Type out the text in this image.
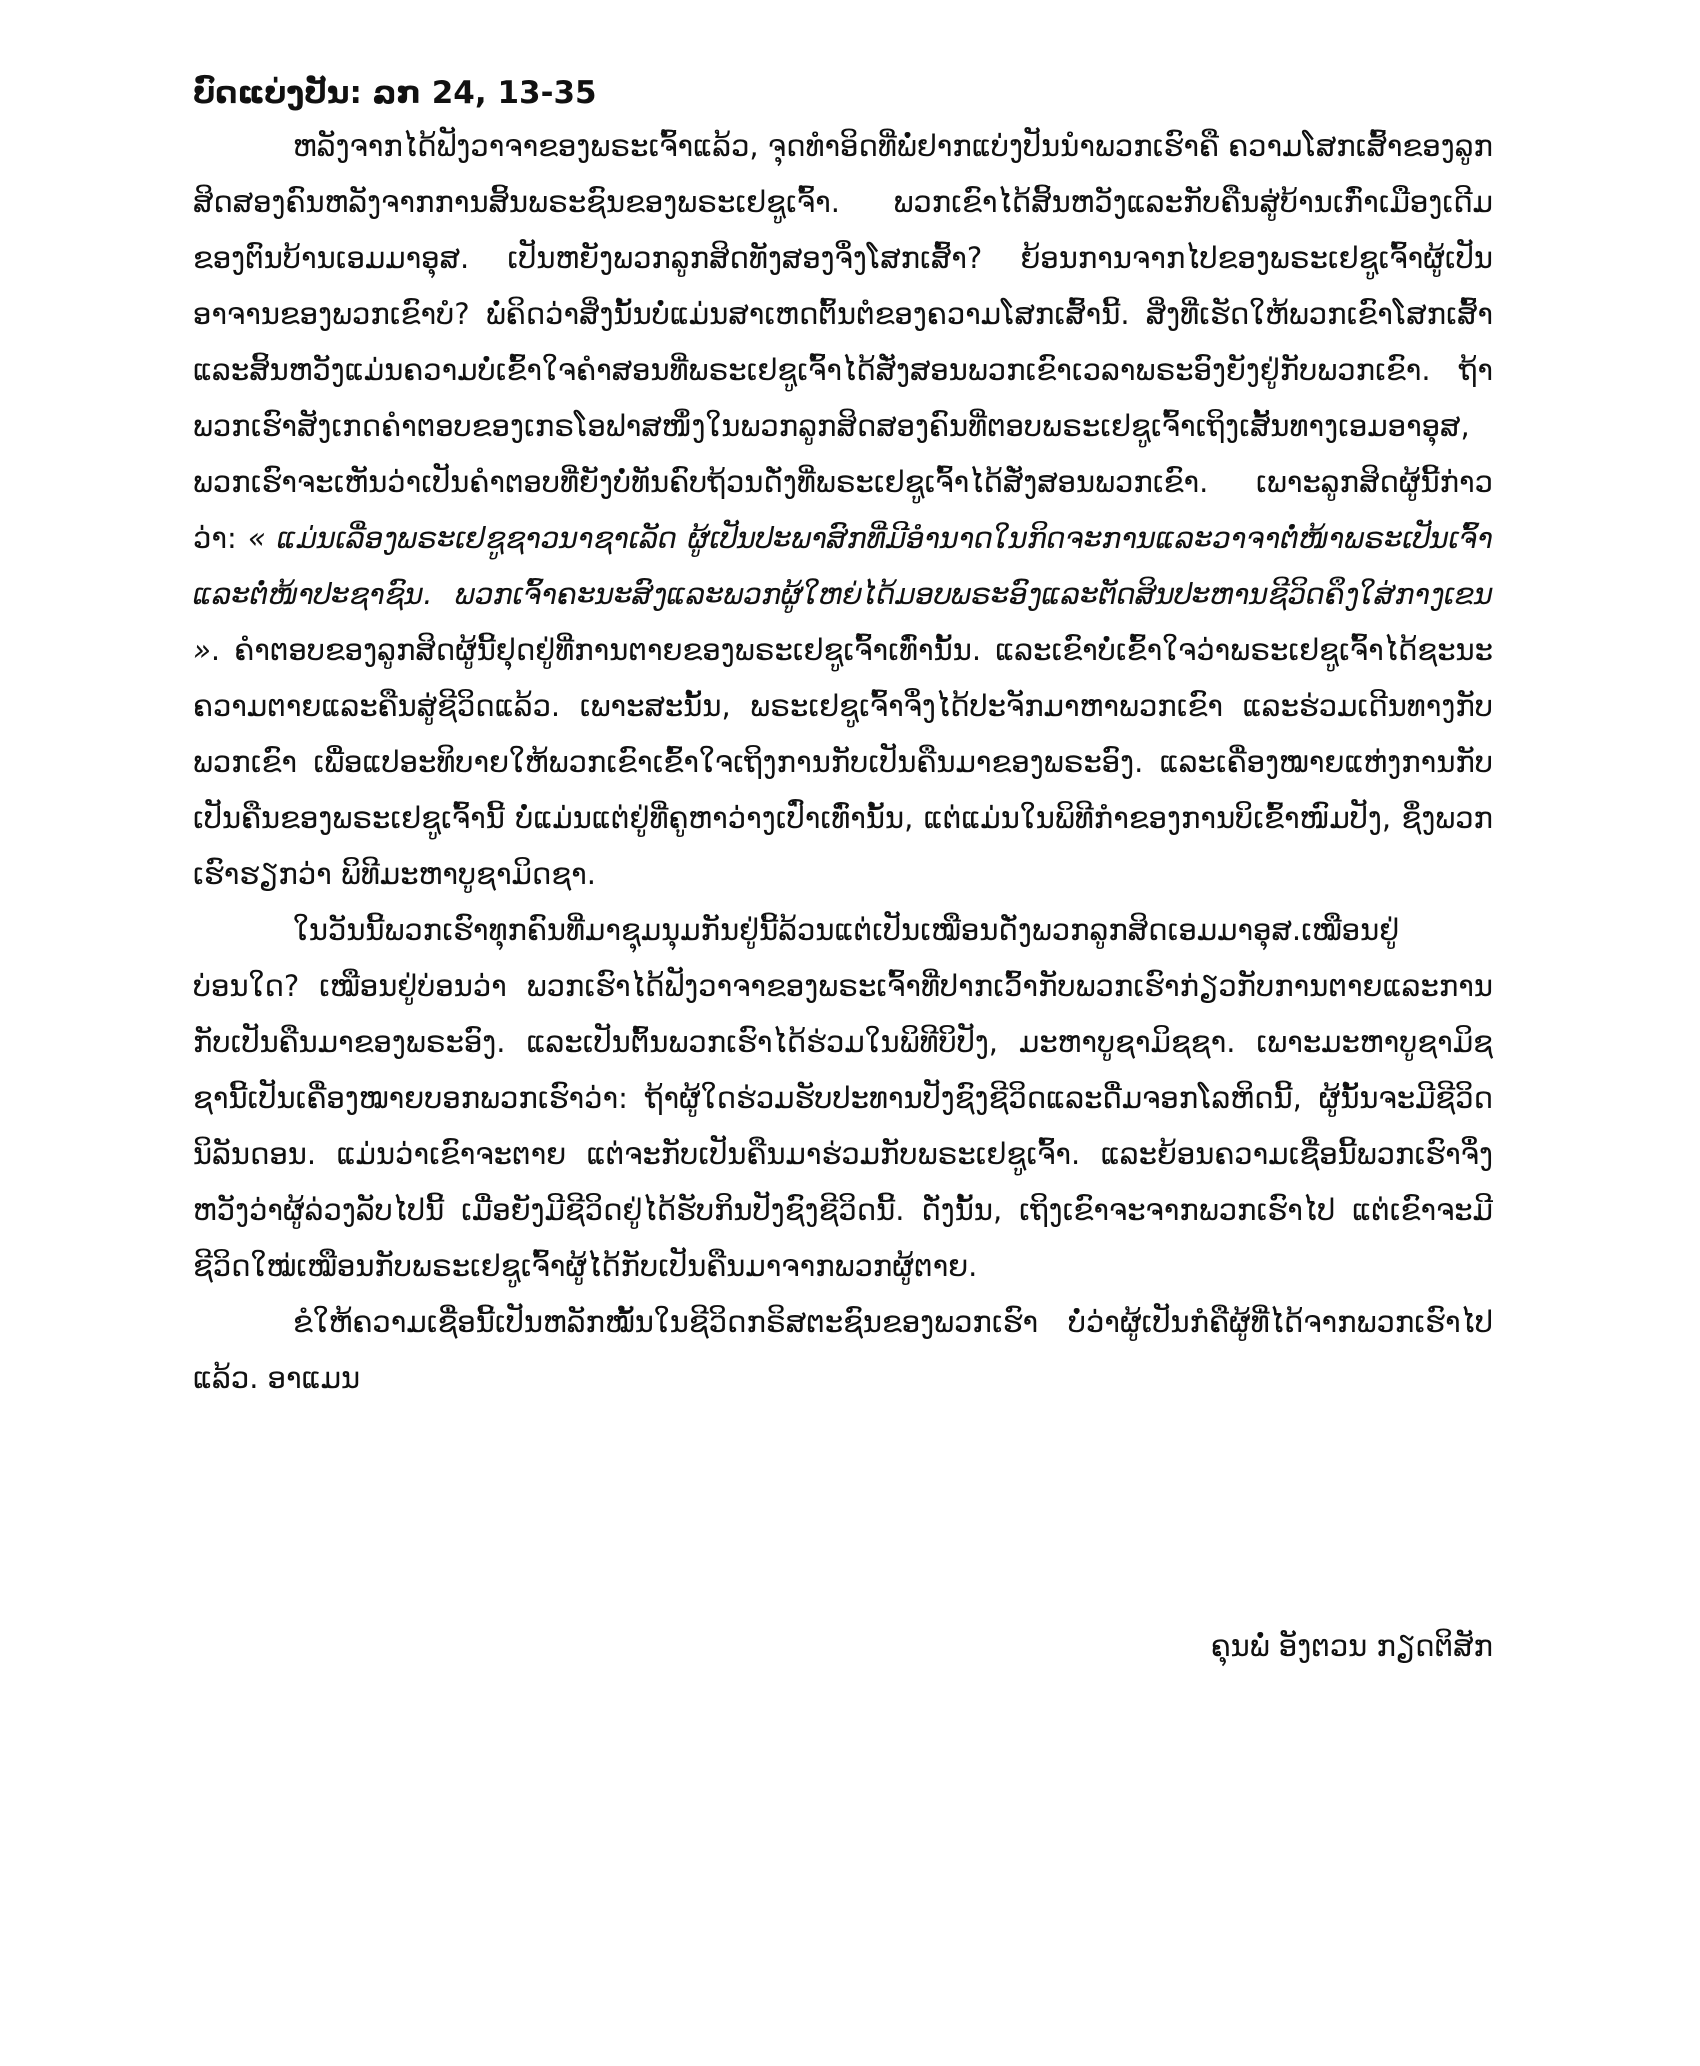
ບົດແບ່ງປັນ: ລກ 24, 13-35

ຫລັງຈາກໄດ້ຟັງວາຈາຂອງພຣະເຈົ້າແລ້ວ, ຈຸດທໍາອິດທີ່ພໍ່ຢາກແບ່ງປັນນໍາພວກເຮົາຄື ຄວາມໂສກເສົ້າຂອງລູກສິດສອງຄົນຫລັງຈາກການສິ້ນພຣະຊົນຂອງພຣະເຢຊູເຈົ້າ. ພວກເຂົາໄດ້ສິ້ນຫວັງແລະກັບຄືນສູ່ບ້ານເກົ່າເມືອງເດີມຂອງຕົນບ້ານເອມມາອຸສ. ເປັນຫຍັງພວກລູກສິດທັງສອງຈຶ່ງໂສກເສົ້າ? ຍ້ອນການຈາກໄປຂອງພຣະເຢຊູເຈົ້າຜູ້ເປັນອາຈານຂອງພວກເຂົາບໍ? ພໍ່ຄິດວ່າສິ່ງນັ້ນບໍ່ແມ່ນສາເຫດຕົ້ນຕໍຂອງຄວາມໂສກເສົ້ານີ້. ສິ່ງທີ່ເຮັດໃຫ້ພວກເຂົາໂສກເສົ້າແລະສິ້ນຫວັງແມ່ນຄວາມບໍ່ເຂົ້າໃຈຄໍາສອນທີ່ພຣະເຢຊູເຈົ້າໄດ້ສັ່ງສອນພວກເຂົາເວລາພຣະອົງຍັງຢູ່ກັບພວກເຂົາ. ຖ້າພວກເຮົາສັງເກດຄໍາຕອບຂອງເກຣໂອຟາສໜຶ່ງໃນພວກລູກສິດສອງຄົນທີ່ຕອບພຣະເຢຊູເຈົ້າເຖິງເສັ້ນທາງເອມອາອຸສ, ພວກເຮົາຈະເຫັນວ່າເປັນຄໍາຕອບທີ່ຍັງບໍ່ທັນຄົບຖ້ວນດັ່ງທີ່ພຣະເຢຊູເຈົ້າໄດ້ສັ່ງສອນພວກເຂົາ. ເພາະລູກສິດຜູ້ນີ້ກ່າວວ່າ: « ແມ່ນເລື່ອງພຣະເຢຊູຊາວນາຊາເລັດ ຜູ້ເປັນປະພາສົກທີ່ມີອໍານາດໃນກິດຈະການແລະວາຈາຕໍ່ໜ້າພຣະເປັນເຈົ້າແລະຕໍ່ໜ້າປະຊາຊົນ. ພວກເຈົ້າຄະນະສົງແລະພວກຜູ້ໃຫຍ່ໄດ້ມອບພຣະອົງແລະຕັດສິນປະຫານຊີວິດຄຶງໃສ່ກາງເຂນ ». ຄໍາຕອບຂອງລູກສິດຜູ້ນີ້ຢຸດຢູ່ທີ່ການຕາຍຂອງພຣະເຢຊູເຈົ້າເທົ່ານັ້ນ. ແລະເຂົາບໍ່ເຂົ້າໃຈວ່າພຣະເຢຊູເຈົ້າໄດ້ຊະນະຄວາມຕາຍແລະຄືນສູ່ຊີວິດແລ້ວ. ເພາະສະນັ້ນ, ພຣະເຢຊູເຈົ້າຈຶ່ງໄດ້ປະຈັກມາຫາພວກເຂົາ ແລະຮ່ວມເດີນທາງກັບພວກເຂົາ ເພື່ອແປອະທິບາຍໃຫ້ພວກເຂົາເຂົ້າໃຈເຖິງການກັບເປັນຄືນມາຂອງພຣະອົງ. ແລະເຄື່ອງໝາຍແຫ່ງການກັບເປັນຄືນຂອງພຣະເຢຊູເຈົ້ານີ້ ບໍ່ແມ່ນແຕ່ຢູ່ທີ່ຄູຫາວ່າງເປົ່າເທົ່ານັ້ນ, ແຕ່ແມ່ນໃນພິທີກໍາຂອງການບິເຂົ້າໜົມປັງ, ຊຶ່ງພວກເຮົາຮຽກວ່າ ພິທີມະຫາບູຊາມິດຊາ.

ໃນວັນນີ້ພວກເຮົາທຸກຄົນທີ່ມາຊຸມນຸມກັນຢູ່ນີ້ລ້ວນແຕ່ເປັນເໝືອນດັ່ງພວກລູກສິດເອມມາອຸສ.ເໝືອນຢູ່ບ່ອນໃດ? ເໝືອນຢູ່ບ່ອນວ່າ ພວກເຮົາໄດ້ຟັງວາຈາຂອງພຣະເຈົ້າທີ່ປາກເວົ້າກັບພວກເຮົາກ່ຽວກັບການຕາຍແລະການກັບເປັນຄືນມາຂອງພຣະອົງ. ແລະເປັນຕົ້ນພວກເຮົາໄດ້ຮ່ວມໃນພິທີບິປັງ, ມະຫາບູຊາມິຊຊາ. ເພາະມະຫາບູຊາມິຊຊານີ້ເປັນເຄື່ອງໝາຍບອກພວກເຮົາວ່າ: ຖ້າຜູ້ໃດຮ່ວມຮັບປະທານປັງຊົງຊີວິດແລະດື່ມຈອກໂລຫິດນີ້, ຜູ້ນັ້ນຈະມີຊີວິດນິລັນດອນ. ແມ່ນວ່າເຂົາຈະຕາຍ ແຕ່ຈະກັບເປັນຄືນມາຮ່ວມກັບພຣະເຢຊູເຈົ້າ. ແລະຍ້ອນຄວາມເຊື່ອນີ້ພວກເຮົາຈຶ່ງຫວັງວ່າຜູ້ລ່ວງລັບໄປນີ້ ເມື່ອຍັງມີຊີວິດຢູ່ໄດ້ຮັບກິນປັງຊົງຊີວິດນີ້. ດັ່ງນັ້ນ, ເຖິງເຂົາຈະຈາກພວກເຮົາໄປ ແຕ່ເຂົາຈະມີຊີວິດໃໝ່ເໝືອນກັບພຣະເຢຊູເຈົ້າຜູ້ໄດ້ກັບເປັນຄືນມາຈາກພວກຜູ້ຕາຍ.

ຂໍໃຫ້ຄວາມເຊື່ອນີ້ເປັນຫລັກໝັ້ນໃນຊີວິດກຣິສຕະຊົນຂອງພວກເຮົາ ບໍ່ວ່າຜູ້ເປັນກໍຄືຜູ້ທີ່ໄດ້ຈາກພວກເຮົາໄປແລ້ວ. ອາແມນ

ຄຸນພໍ່ ອັງຕວນ ກຽດຕິສັກ
